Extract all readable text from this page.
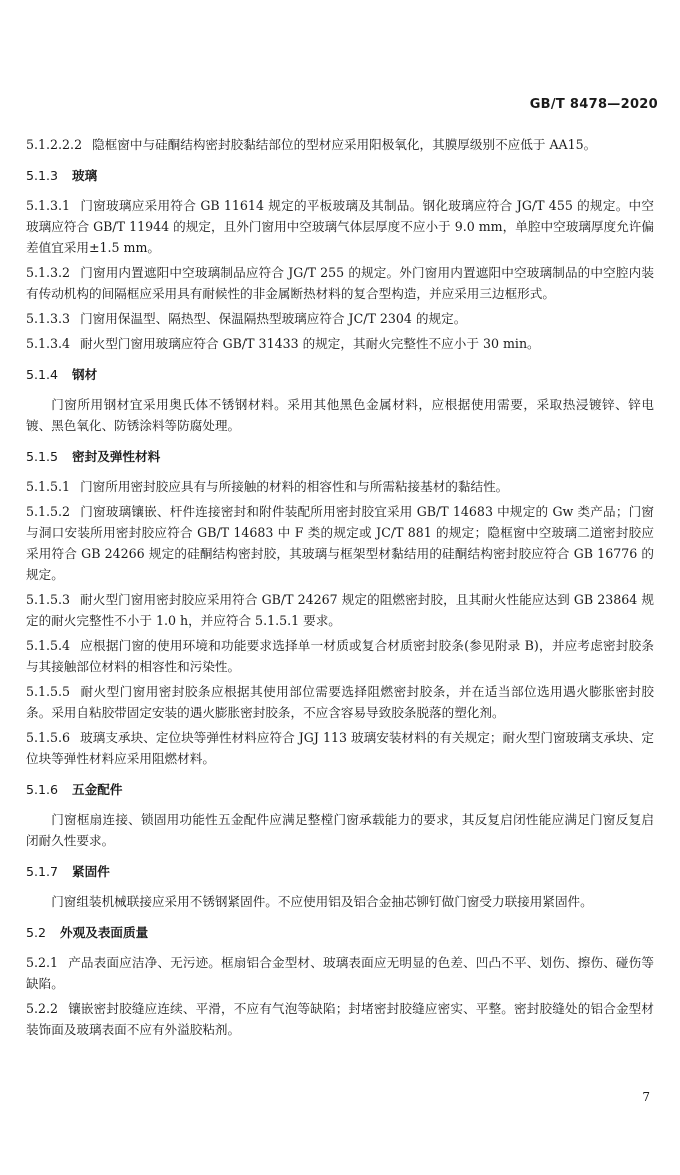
GB/T 8478—2020

5.1.2.2.2 隐框窗中与硅酮结构密封胶黏结部位的型材应采用阳极氧化，其膜厚级别不应低于 AA15。

5.1.3 玻璃

5.1.3.1 门窗玻璃应采用符合 GB 11614 规定的平板玻璃及其制品。钢化玻璃应符合 JG/T 455 的规定。中空玻璃应符合 GB/T 11944 的规定，且外门窗用中空玻璃气体层厚度不应小于 9.0 mm，单腔中空玻璃厚度允许偏差值宜采用±1.5 mm。

5.1.3.2 门窗用内置遮阳中空玻璃制品应符合 JG/T 255 的规定。外门窗用内置遮阳中空玻璃制品的中空腔内装有传动机构的间隔框应采用具有耐候性的非金属断热材料的复合型构造，并应采用三边框形式。

5.1.3.3 门窗用保温型、隔热型、保温隔热型玻璃应符合 JC/T 2304 的规定。

5.1.3.4 耐火型门窗用玻璃应符合 GB/T 31433 的规定，其耐火完整性不应小于 30 min。

5.1.4 钢材

门窗所用钢材宜采用奥氏体不锈钢材料。采用其他黑色金属材料，应根据使用需要，采取热浸镀锌、锌电镀、黑色氧化、防锈涂料等防腐处理。

5.1.5 密封及弹性材料

5.1.5.1 门窗所用密封胶应具有与所接触的材料的相容性和与所需粘接基材的黏结性。

5.1.5.2 门窗玻璃镶嵌、杆件连接密封和附件装配所用密封胶宜采用 GB/T 14683 中规定的 Gw 类产品；门窗与洞口安装所用密封胶应符合 GB/T 14683 中 F 类的规定或 JC/T 881 的规定；隐框窗中空玻璃二道密封胶应采用符合 GB 24266 规定的硅酮结构密封胶，其玻璃与框架型材黏结用的硅酮结构密封胶应符合 GB 16776 的规定。

5.1.5.3 耐火型门窗用密封胶应采用符合 GB/T 24267 规定的阻燃密封胶，且其耐火性能应达到 GB 23864 规定的耐火完整性不小于 1.0 h，并应符合 5.1.5.1 要求。

5.1.5.4 应根据门窗的使用环境和功能要求选择单一材质或复合材质密封胶条(参见附录 B)，并应考虑密封胶条与其接触部位材料的相容性和污染性。

5.1.5.5 耐火型门窗用密封胶条应根据其使用部位需要选择阻燃密封胶条，并在适当部位选用遇火膨胀密封胶条。采用自粘胶带固定安装的遇火膨胀密封胶条，不应含容易导致胶条脱落的塑化剂。

5.1.5.6 玻璃支承块、定位块等弹性材料应符合 JGJ 113 玻璃安装材料的有关规定；耐火型门窗玻璃支承块、定位块等弹性材料应采用阻燃材料。

5.1.6 五金配件

门窗框扇连接、锁固用功能性五金配件应满足整樘门窗承载能力的要求，其反复启闭性能应满足门窗反复启闭耐久性要求。

5.1.7 紧固件

门窗组装机械联接应采用不锈钢紧固件。不应使用铝及铝合金抽芯铆钉做门窗受力联接用紧固件。

5.2 外观及表面质量

5.2.1 产品表面应洁净、无污迹。框扇铝合金型材、玻璃表面应无明显的色差、凹凸不平、划伤、擦伤、碰伤等缺陷。

5.2.2 镶嵌密封胶缝应连续、平滑，不应有气泡等缺陷；封堵密封胶缝应密实、平整。密封胶缝处的铝合金型材装饰面及玻璃表面不应有外溢胶粘剂。

7
